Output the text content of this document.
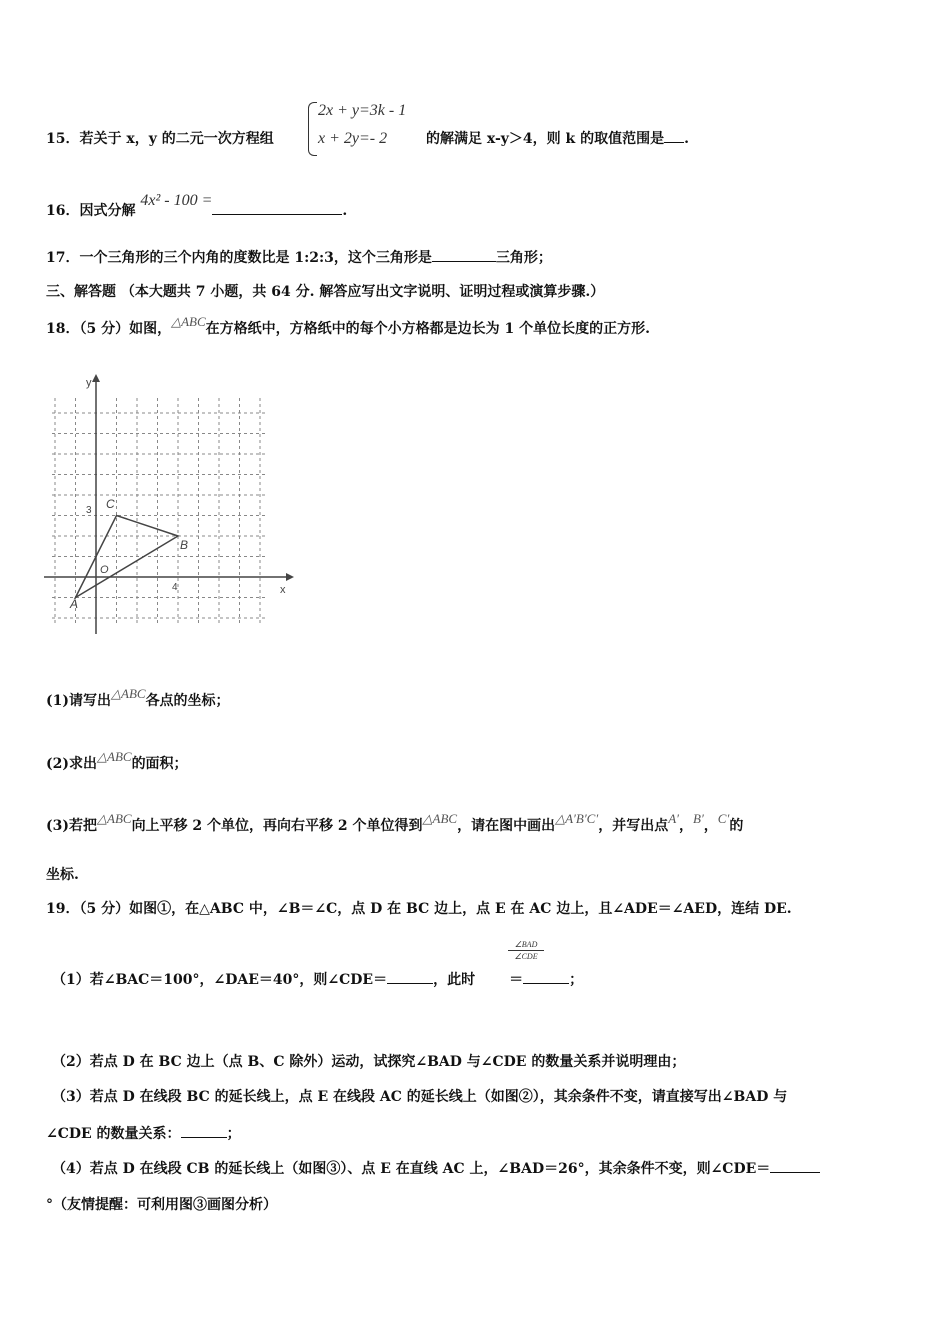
15．若关于 x，y 的二元一次方程组
2x + y=3k - 1
x + 2y=- 2	的解满足 x-y＞4，则 k 的取值范围是 .
16．因式分解 4x² - 100 =.
17．一个三角形的三个内角的度数比是 1:2:3，这个三角形是	三角形；
三、解答题 （本大题共 7 小题，共 64 分. 解答应写出文字说明、证明过程或演算步骤.）
18．（5 分）如图，△ABC在方格纸中，方格纸中的每个小方格都是边长为 1 个单位长度的正方形.
y
x
C
B
O
A
3
4
(1)请写出△ABC各点的坐标；
(2)求出△ABC的面积；
(3)若把△ABC向上平移 2 个单位，再向右平移 2 个单位得到△ABC，请在图中画出△A′B′C′，并写出点A′，B′，C′的
坐标.
19．（5 分）如图①，在△ABC 中，∠B＝∠C，点 D 在 BC 边上，点 E 在 AC 边上，且∠ADE＝∠AED，连结 DE.
∠BAD
∠CDE
（1）若∠BAC＝100°，∠DAE＝40°，则∠CDE＝	，此时 ＝	；
（2）若点 D 在 BC 边上（点 B、C 除外）运动，试探究∠BAD 与∠CDE 的数量关系并说明理由；
（3）若点 D 在线段 BC 的延长线上，点 E 在线段 AC 的延长线上（如图②），其余条件不变，请直接写出∠BAD 与
∠CDE 的数量关系：	；
（4）若点 D 在线段 CB 的延长线上（如图③）、点 E 在直线 AC 上，∠BAD＝26°，其余条件不变，则∠CDE＝
°（友情提醒：可利用图③画图分析）
